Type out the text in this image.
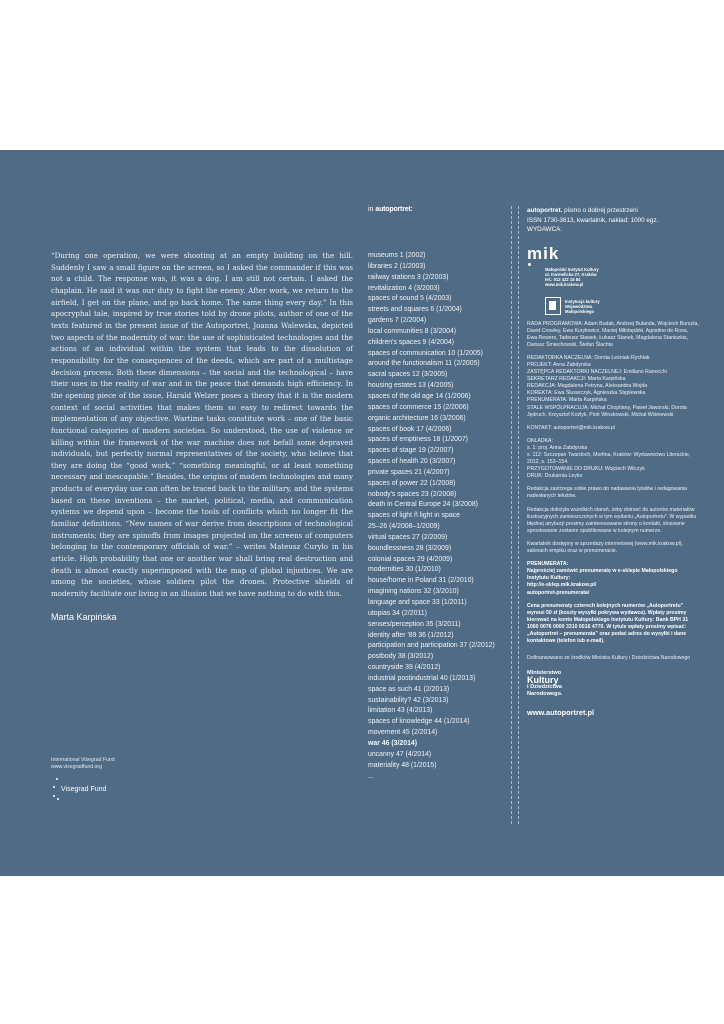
“During one operation, we were shooting at an empty building on the hill. Suddenly I saw a small figure on the screen, so I asked the commander if this was not a child. The response was, it was a dog. I am still not certain. I asked the chaplain. He said it was our duty to fight the enemy. After work, we return to the airfield, I get on the plane, and go back home. The same thing every day.” In this apocryphal tale, inspired by true stories told by drone pilots, author of one of the texts featured in the present issue of the Autoportret, Joanna Walewska, depicted two aspects of the modernity of war: the use of sophisticated technologies and the actions of an individual within the system that leads to the dissolution of responsibility for the consequences of the deeds, which are part of a multistage decision process. Both these dimensions – the social and the technological – have their uses in the reality of war and in the peace that demands high efficiency. In the opening piece of the issue, Harald Welzer poses a theory that it is the modern context of social activities that makes them so easy to redirect towards the implementation of any objective. Wartime tasks constitute work – one of the basic functional categories of modern societies. So understood, the use of violence or killing within the framework of the war machine does not befall some depraved individuals, but perfectly normal representatives of the society, who believe that they are doing the “good work,” “something meaningful, or at least something necessary and inescapable.” Besides, the origins of modern technologies and many products of everyday use can often be traced back to the military, and the systems based on these inventions – the market, political, media, and communication systems we depend upon – become the tools of conflicts which no longer fit the familiar definitions. “New names of war derive from descriptions of technological instruments; they are spinoffs from images projected on the screens of computers belonging to the contemporary officials of war.” – writes Mateusz Curyło in his article. High probability that one or another war shall bring real destruction and death is almost exactly superimposed with the map of global injustices. We are among the societies, whose soldiers pilot the drones. Protective shields of modernity facilitate our living in an illusion that we have nothing to do with this.

Marta Karpińska
International Visegrad Fund
www.visegradfund.org
Visegrad Fund
in autoportret:
museums 1 (2002)
libraries 2 (1/2003)
railway stations 3 (2/2003)
revitalization 4 (3/2003)
spaces of sound 5 (4/2003)
streets and squares 6 (1/2004)
gardens 7 (2/2004)
local communities 8 (3/2004)
children's spaces 9 (4/2004)
spaces of communication 10 (1/2005)
around the functionalism 11 (2/2005)
sacral spaces 12 (3/2005)
housing estates 13 (4/2005)
spaces of the old age 14 (1/2006)
spaces of commerce 15 (2/2006)
organic architecture 16 (3/2006)
spaces of book 17 (4/2006)
spaces of emptiness 18 (1/2007)
spaces of stage 19 (2/2007)
spaces of health 20 (3/2007)
private spaces 21 (4/2007)
spaces of power 22 (1/2008)
nobody's spaces 23 (2/2008)
death in Central Europe 24 (3/2008)
spaces of light ñ light in space
25–26 (4/2008–1/2009)
virtual spaces 27 (2/2009)
boundlessness 28 (3/2009)
colonial spaces 29 (4/2009)
modernities 30 (1/2010)
house/home in Poland 31 (2/2010)
imagining nations 32 (3/2010)
language and space 33 (1/2011)
utopias 34 (2/2011)
senses/perception 35 (3/2011)
identity after '89 36 (1/2012)
participation and participation 37 (2/2012)
postbody 38 (3/2012)
countryside 39 (4/2012)
industrial postindustrial 40 (1/2013)
space as such 41 (2/2013)
sustainability? 42 (3/2013)
limitation 43 (4/2013)
spaces of knowledge 44 (1/2014)
movement 45 (2/2014)
war 46 (3/2014)
uncanny 47 (4/2014)
materiality 48 (1/2015)
...
autoportret. pismo o dobrej przestrzeni
ISSN 1730-3613, kwartalnik, nakład: 1000 egz.
WYDAWCA:
mik
Małopolski Instytut Kultury
ul. Karmelicka 27, Kraków
tel.: 012 422 18 84
www.mik.krakow.pl
Instytucja kultury
Województwa
Małopolskiego

RADA PROGRAMOWA: Adam Budak, Andrzej Bulanda, Wojciech Burszta, David Crowley, Ewa Kuryłowicz, Maciej Miłobędzki, Agostino de Rosa, Ewa Rewers, Tadeusz Sławek, Łukasz Stanek, Magdalena Staniszkis, Dariusz Śmiechowski, Štefan Šlachta

REDAKTORKA NACZELNA: Dorota Leśniak-Rychlak

PROJEKT: Anna Zabdyrska

ZASTĘPCA REDAKTORKI NACZELNEJ: Emiliano Ranocchi

SEKRETARZ REDAKCJI: Marta Karpińska

REDAKCJA: Magdalena Petryna, Aleksandra Wojda

KOREKTA: Ewa Ślusarczyk, Agnieszka Stęplewska

PRENUMERATA: Marta Karpińska

STALE WSPÓŁPRACUJĄ: Michał Choptiany, Paweł Jaworski, Dorota Jędruch, Krzysztof Koźlyk, Piotr Winskowski, Michał Wiśniewski

KONTAKT: autoportret@mik.krakow.pl

OKŁADKA:

s. 1: proj. Anna Zabdyrska

s. 112: Szczepan Twardoch, Morfina, Kraków: Wydawnictwo Literackie, 2012, s. 153–154.

PRZYGOTOWANIE DO DRUKU: Wojciech Wilczyk

DRUK: Drukarnia Leyko

Redakcja zastrzega sobie prawo do nadawania tytułów i redagowania nadesłanych tekstów.

Redakcja dołożyła wszelkich starań, żeby dotrzeć do autorów materiałów ilustracyjnych zamieszczonych w tym wydaniu „Autoportretu”. W wypadku błędnej atrybucji prosimy zainteresowane strony o kontakt, stosowne sprostowanie zostanie opublikowane w kolejnym numerze.

Kwartalnik dostępny w sprzedaży internetowej (www.mik.krakow.pl), salonach empiku oraz w prenumeracie.

PRENUMERATA:

Najprościej zamówić prenumeratę w e-sklepie Małopolskiego Instytutu Kultury:

http://e-sklep.mik.krakow.pl/

autoportret-prenumerata/

Cena prenumeraty czterech kolejnych numerów „Autoportretu” wynosi 50 zł (koszty wysyłki pokrywa wydawca). Wpłaty prosimy kierować na konto Małopolskiego Instytutu Kultury: Bank BPH 31 1060 0076 0000 3310 0016 4770. W tytule wpłaty prosimy wpisać: „Autoportret – prenumerata” oraz podać adres do wysyłki i dane kontaktowe (telefon lub e-mail).

Dofinansowano ze środków Ministra Kultury i Dziedzictwa Narodowego

Ministerstwo
Kultury
i Dziedzictwa
Narodowego.
www.autoportret.pl
